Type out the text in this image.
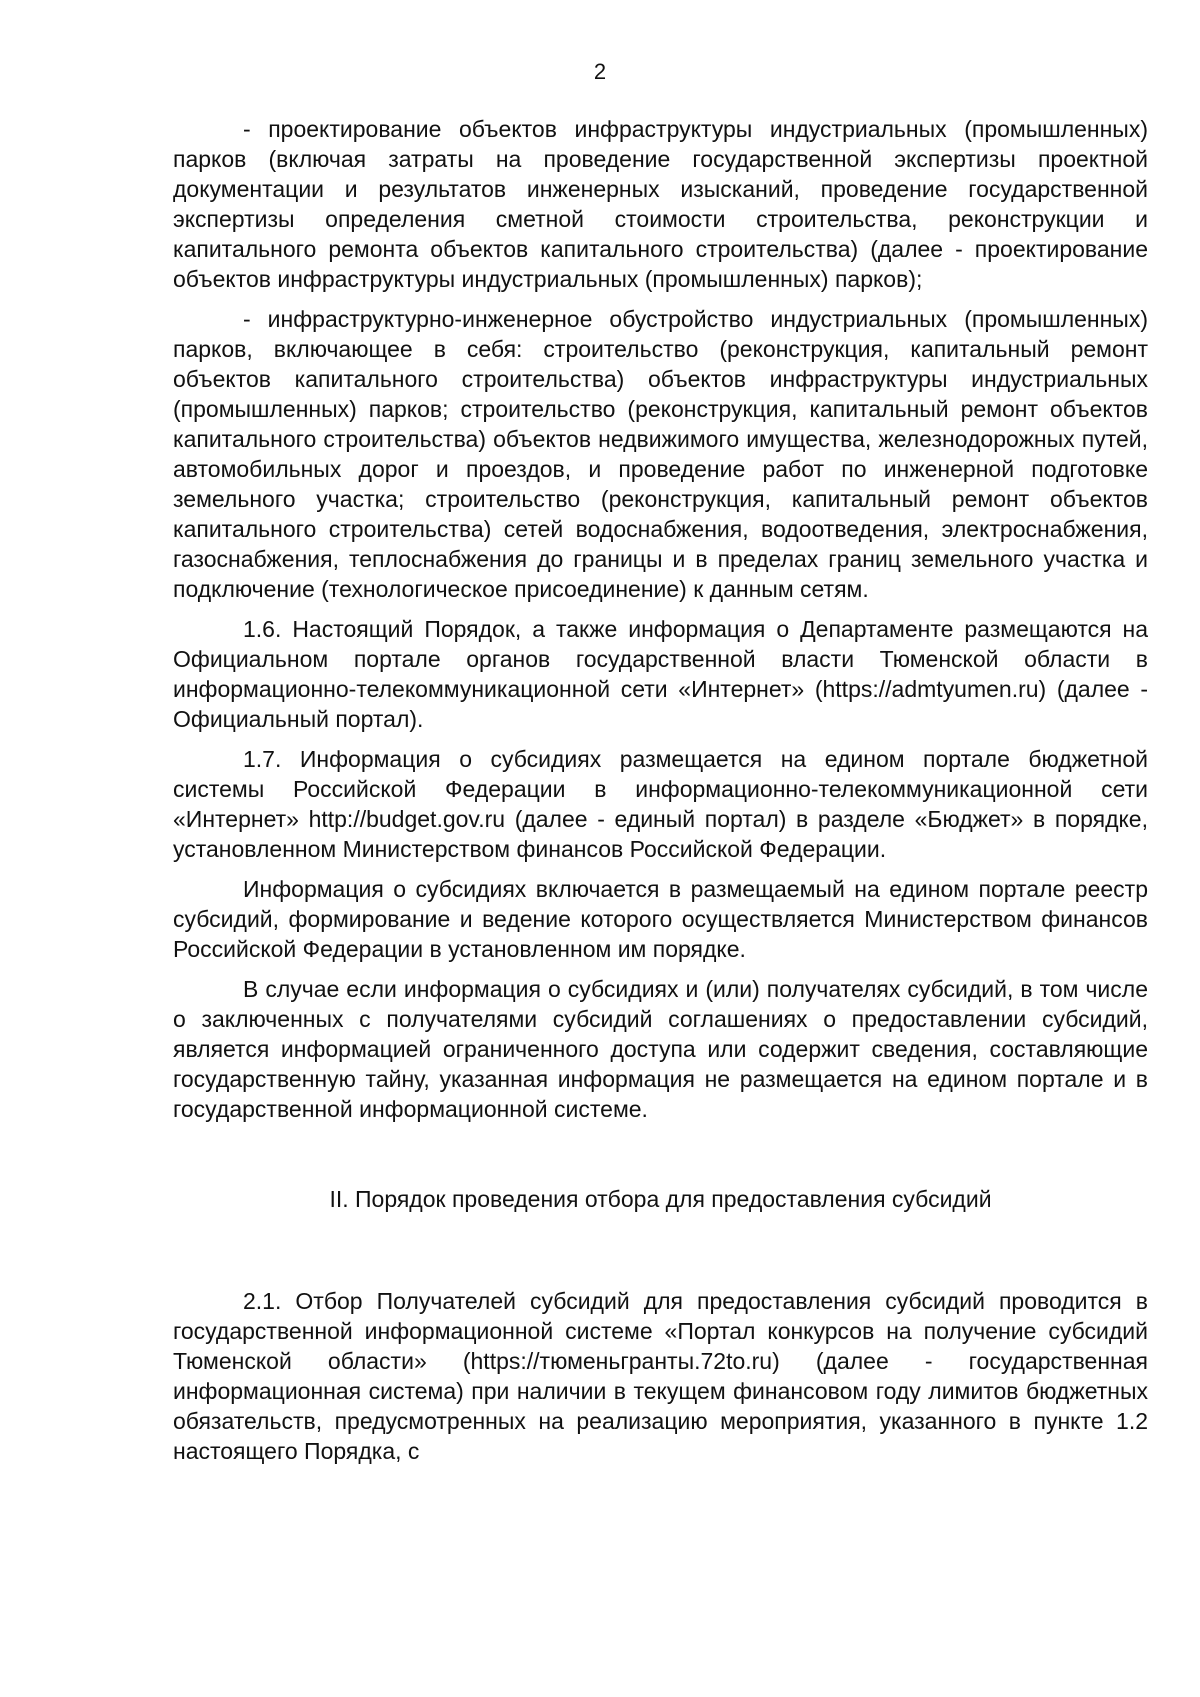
2

- проектирование объектов инфраструктуры индустриальных (промышленных) парков (включая затраты на проведение государственной экспертизы проектной документации и результатов инженерных изысканий, проведение государственной экспертизы определения сметной стоимости строительства, реконструкции и капитального ремонта объектов капитального строительства) (далее - проектирование объектов инфраструктуры индустриальных (промышленных) парков);

- инфраструктурно-инженерное обустройство индустриальных (промышленных) парков, включающее в себя: строительство (реконструкция, капитальный ремонт объектов капитального строительства) объектов инфраструктуры индустриальных (промышленных) парков; строительство (реконструкция, капитальный ремонт объектов капитального строительства) объектов недвижимого имущества, железнодорожных путей, автомобильных дорог и проездов, и проведение работ по инженерной подготовке земельного участка; строительство (реконструкция, капитальный ремонт объектов капитального строительства) сетей водоснабжения, водоотведения, электроснабжения, газоснабжения, теплоснабжения до границы и в пределах границ земельного участка и подключение (технологическое присоединение) к данным сетям.

1.6. Настоящий Порядок, а также информация о Департаменте размещаются на Официальном портале органов государственной власти Тюменской области в информационно-телекоммуникационной сети «Интернет» (https://admtyumen.ru) (далее - Официальный портал).

1.7. Информация о субсидиях размещается на едином портале бюджетной системы Российской Федерации в информационно-телекоммуникационной сети «Интернет» http://budget.gov.ru (далее - единый портал) в разделе «Бюджет» в порядке, установленном Министерством финансов Российской Федерации.

Информация о субсидиях включается в размещаемый на едином портале реестр субсидий, формирование и ведение которого осуществляется Министерством финансов Российской Федерации в установленном им порядке.

В случае если информация о субсидиях и (или) получателях субсидий, в том числе о заключенных с получателями субсидий соглашениях о предоставлении субсидий, является информацией ограниченного доступа или содержит сведения, составляющие государственную тайну, указанная информация не размещается на едином портале и в государственной информационной системе.

II. Порядок проведения отбора для предоставления субсидий

2.1. Отбор Получателей субсидий для предоставления субсидий проводится в государственной информационной системе «Портал конкурсов на получение субсидий Тюменской области» (https://тюменьгранты.72to.ru) (далее - государственная информационная система) при наличии в текущем финансовом году лимитов бюджетных обязательств, предусмотренных на реализацию мероприятия, указанного в пункте 1.2 настоящего Порядка, с
